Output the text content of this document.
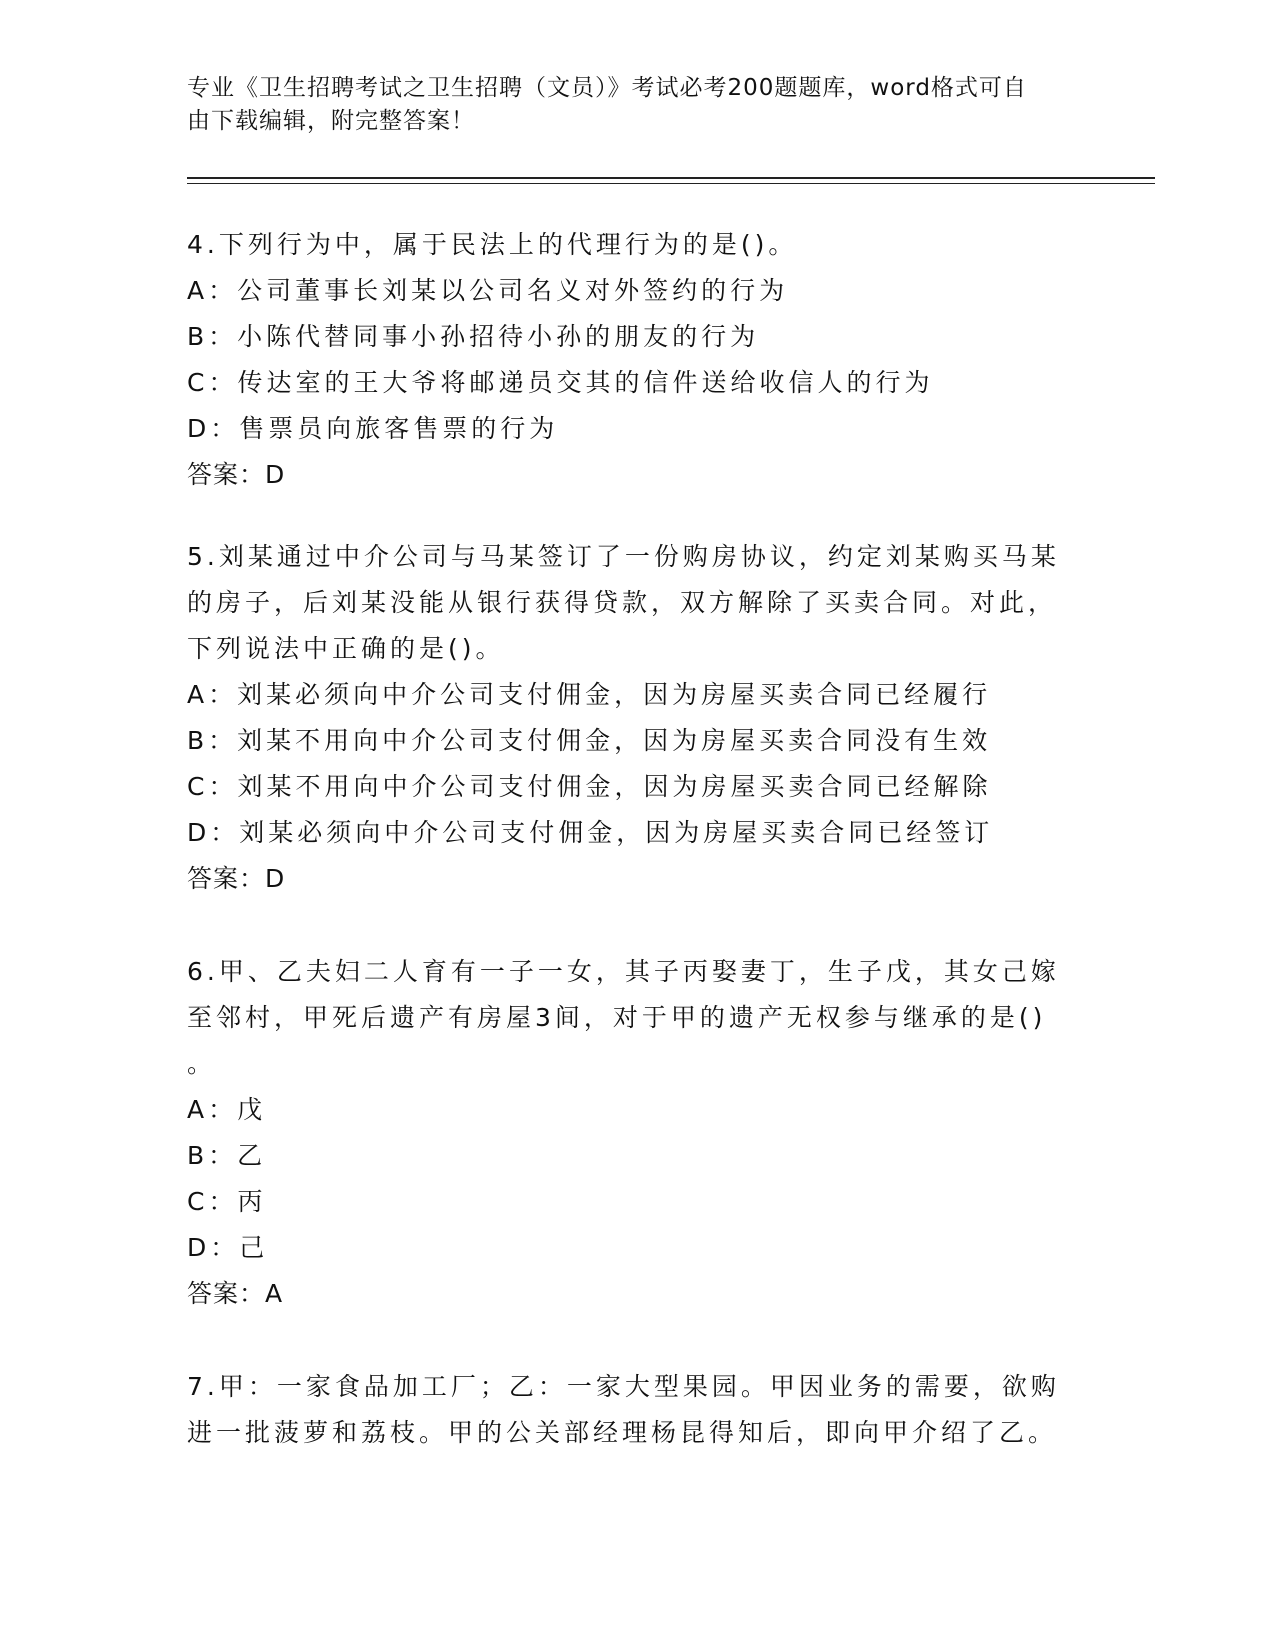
专业《卫生招聘考试之卫生招聘（文员）》考试必考200题题库，word格式可自
由下载编辑，附完整答案！
4.下列行为中，属于民法上的代理行为的是()。
A：公司董事长刘某以公司名义对外签约的行为
B：小陈代替同事小孙招待小孙的朋友的行为
C：传达室的王大爷将邮递员交其的信件送给收信人的行为
D：售票员向旅客售票的行为
答案：D
5.刘某通过中介公司与马某签订了一份购房协议，约定刘某购买马某
的房子，后刘某没能从银行获得贷款，双方解除了买卖合同。对此，
下列说法中正确的是()。
A：刘某必须向中介公司支付佣金，因为房屋买卖合同已经履行
B：刘某不用向中介公司支付佣金，因为房屋买卖合同没有生效
C：刘某不用向中介公司支付佣金，因为房屋买卖合同已经解除
D：刘某必须向中介公司支付佣金，因为房屋买卖合同已经签订
答案：D
6.甲、乙夫妇二人育有一子一女，其子丙娶妻丁，生子戊，其女己嫁
至邻村，甲死后遗产有房屋3间，对于甲的遗产无权参与继承的是()
。
A：戊
B：乙
C：丙
D：己
答案：A
7.甲：一家食品加工厂；乙：一家大型果园。甲因业务的需要，欲购
进一批菠萝和荔枝。甲的公关部经理杨昆得知后，即向甲介绍了乙。
